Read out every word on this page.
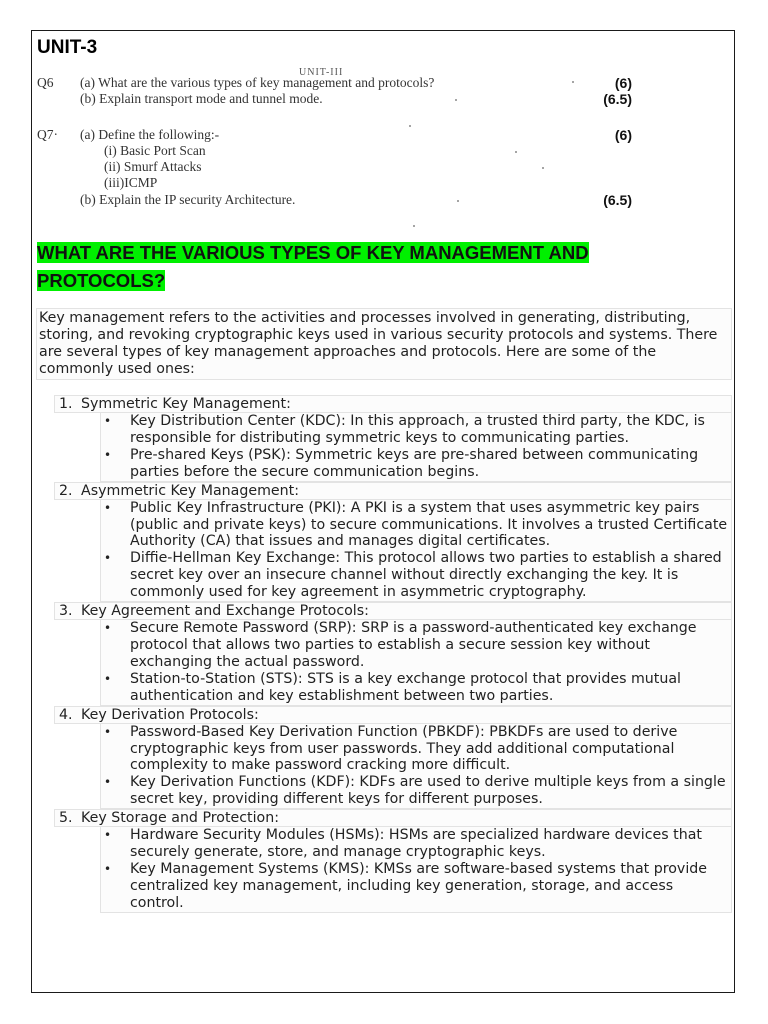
UNIT-3
UNIT-III
Q6 (a) What are the various types of key management and protocols?	(6)
(b) Explain transport mode and tunnel mode.	(6.5)
Q7· (a) Define the following:-	(6)
(i) Basic Port Scan
(ii) Smurf Attacks
(iii)ICMP
(b) Explain the IP security Architecture.	(6.5)
WHAT ARE THE VARIOUS TYPES OF KEY MANAGEMENT AND PROTOCOLS?

Key management refers to the activities and processes involved in generating, distributing, storing, and revoking cryptographic keys used in various security protocols and systems. There are several types of key management approaches and protocols. Here are some of the commonly used ones:

1. Symmetric Key Management:
• Key Distribution Center (KDC): In this approach, a trusted third party, the KDC, is responsible for distributing symmetric keys to communicating parties.
• Pre-shared Keys (PSK): Symmetric keys are pre-shared between communicating parties before the secure communication begins.
2. Asymmetric Key Management:
• Public Key Infrastructure (PKI): A PKI is a system that uses asymmetric key pairs (public and private keys) to secure communications. It involves a trusted Certificate Authority (CA) that issues and manages digital certificates.
• Diffie-Hellman Key Exchange: This protocol allows two parties to establish a shared secret key over an insecure channel without directly exchanging the key. It is commonly used for key agreement in asymmetric cryptography.
3. Key Agreement and Exchange Protocols:
• Secure Remote Password (SRP): SRP is a password-authenticated key exchange protocol that allows two parties to establish a secure session key without exchanging the actual password.
• Station-to-Station (STS): STS is a key exchange protocol that provides mutual authentication and key establishment between two parties.
4. Key Derivation Protocols:
• Password-Based Key Derivation Function (PBKDF): PBKDFs are used to derive cryptographic keys from user passwords. They add additional computational complexity to make password cracking more difficult.
• Key Derivation Functions (KDF): KDFs are used to derive multiple keys from a single secret key, providing different keys for different purposes.
5. Key Storage and Protection:
• Hardware Security Modules (HSMs): HSMs are specialized hardware devices that securely generate, store, and manage cryptographic keys.
• Key Management Systems (KMS): KMSs are software-based systems that provide centralized key management, including key generation, storage, and access control.
